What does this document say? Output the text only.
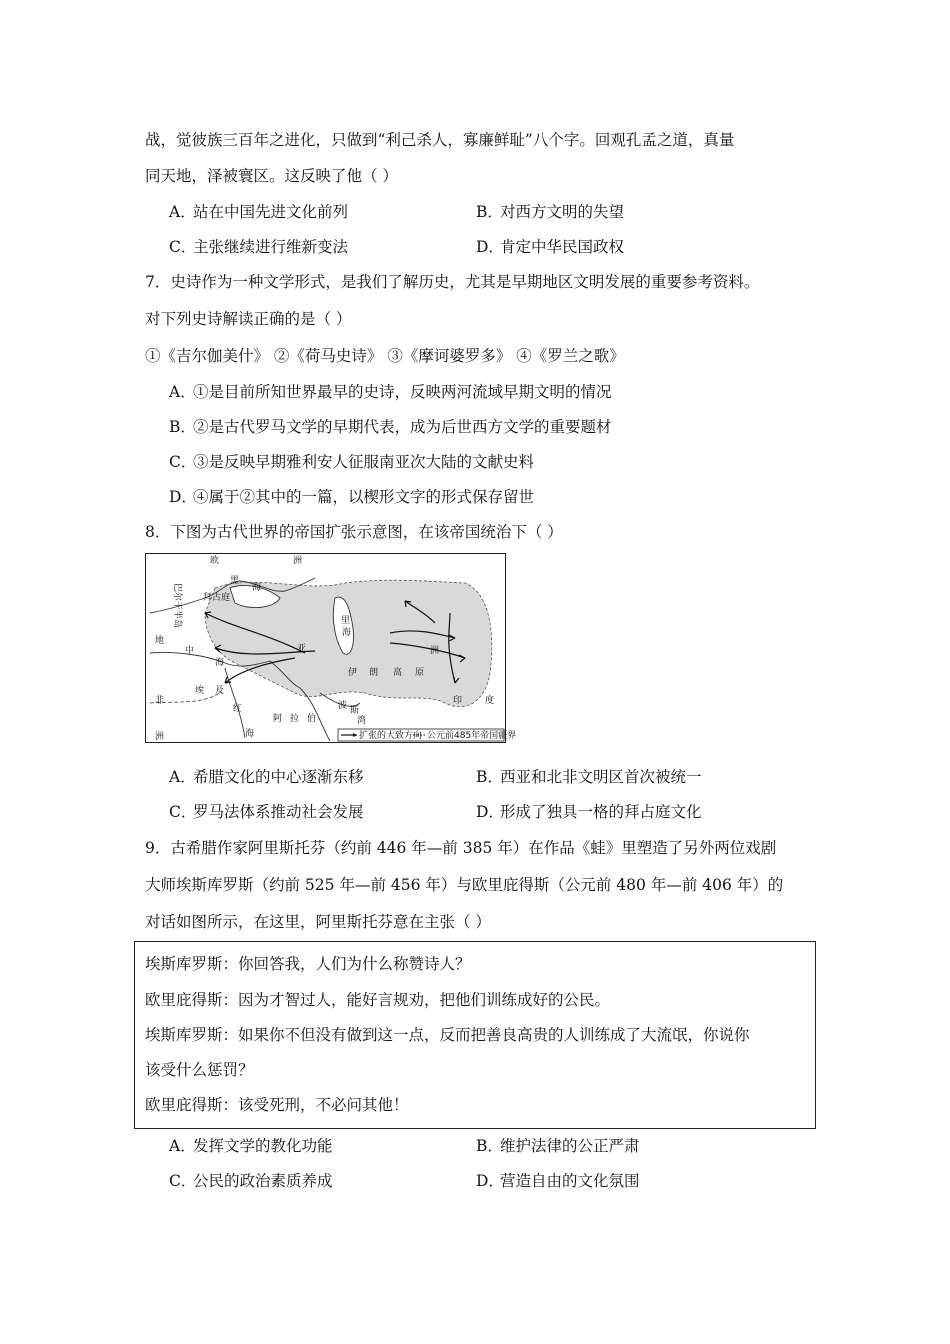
战，觉彼族三百年之进化，只做到“利己杀人，寡廉鲜耻”八个字。回观孔孟之道，真量
同天地，泽被寰区。这反映了他（ ）
A．站在中国先进文化前列	B．对西方文明的失望
C．主张继续进行维新变法	D．肯定中华民国政权
7．史诗作为一种文学形式，是我们了解历史，尤其是早期地区文明发展的重要参考资料。
对下列史诗解读正确的是（ ）
①《吉尔伽美什》 ②《荷马史诗》 ③《摩诃婆罗多》 ④《罗兰之歌》
A．①是目前所知世界最早的史诗，反映两河流域早期文明的情况
B．②是古代罗马文学的早期代表，成为后世西方文学的重要题材
C．③是反映早期雅利安人征服南亚次大陆的文献史料
D．④属于②其中的一篇，以楔形文字的形式保存留世
8．下图为古代世界的帝国扩张示意图，在该帝国统治下（ ）
欧	洲
巴尔干半岛 拜占庭
黑
海
里
海
地
中
海
亚	洲
埃 及
红
海
非
洲
伊 朗 高 原
阿 拉 伯
波 斯
湾
印	度
扩张的大致方向 公元前485年帝国疆界
A．希腊文化的中心逐渐东移	B．西亚和北非文明区首次被统一
C．罗马法体系推动社会发展	D．形成了独具一格的拜占庭文化
9．古希腊作家阿里斯托芬（约前 446 年—前 385 年）在作品《蛙》里塑造了另外两位戏剧
大师埃斯库罗斯（约前 525 年—前 456 年）与欧里庇得斯（公元前 480 年—前 406 年）的
对话如图所示，在这里，阿里斯托芬意在主张（ ）
埃斯库罗斯：你回答我，人们为什么称赞诗人？
欧里庇得斯：因为才智过人，能好言规劝，把他们训练成好的公民。
埃斯库罗斯：如果你不但没有做到这一点，反而把善良高贵的人训练成了大流氓，你说你
该受什么惩罚？
欧里庇得斯：该受死刑，不必问其他！
A．发挥文学的教化功能	B．维护法律的公正严肃
C．公民的政治素质养成	D．营造自由的文化氛围
